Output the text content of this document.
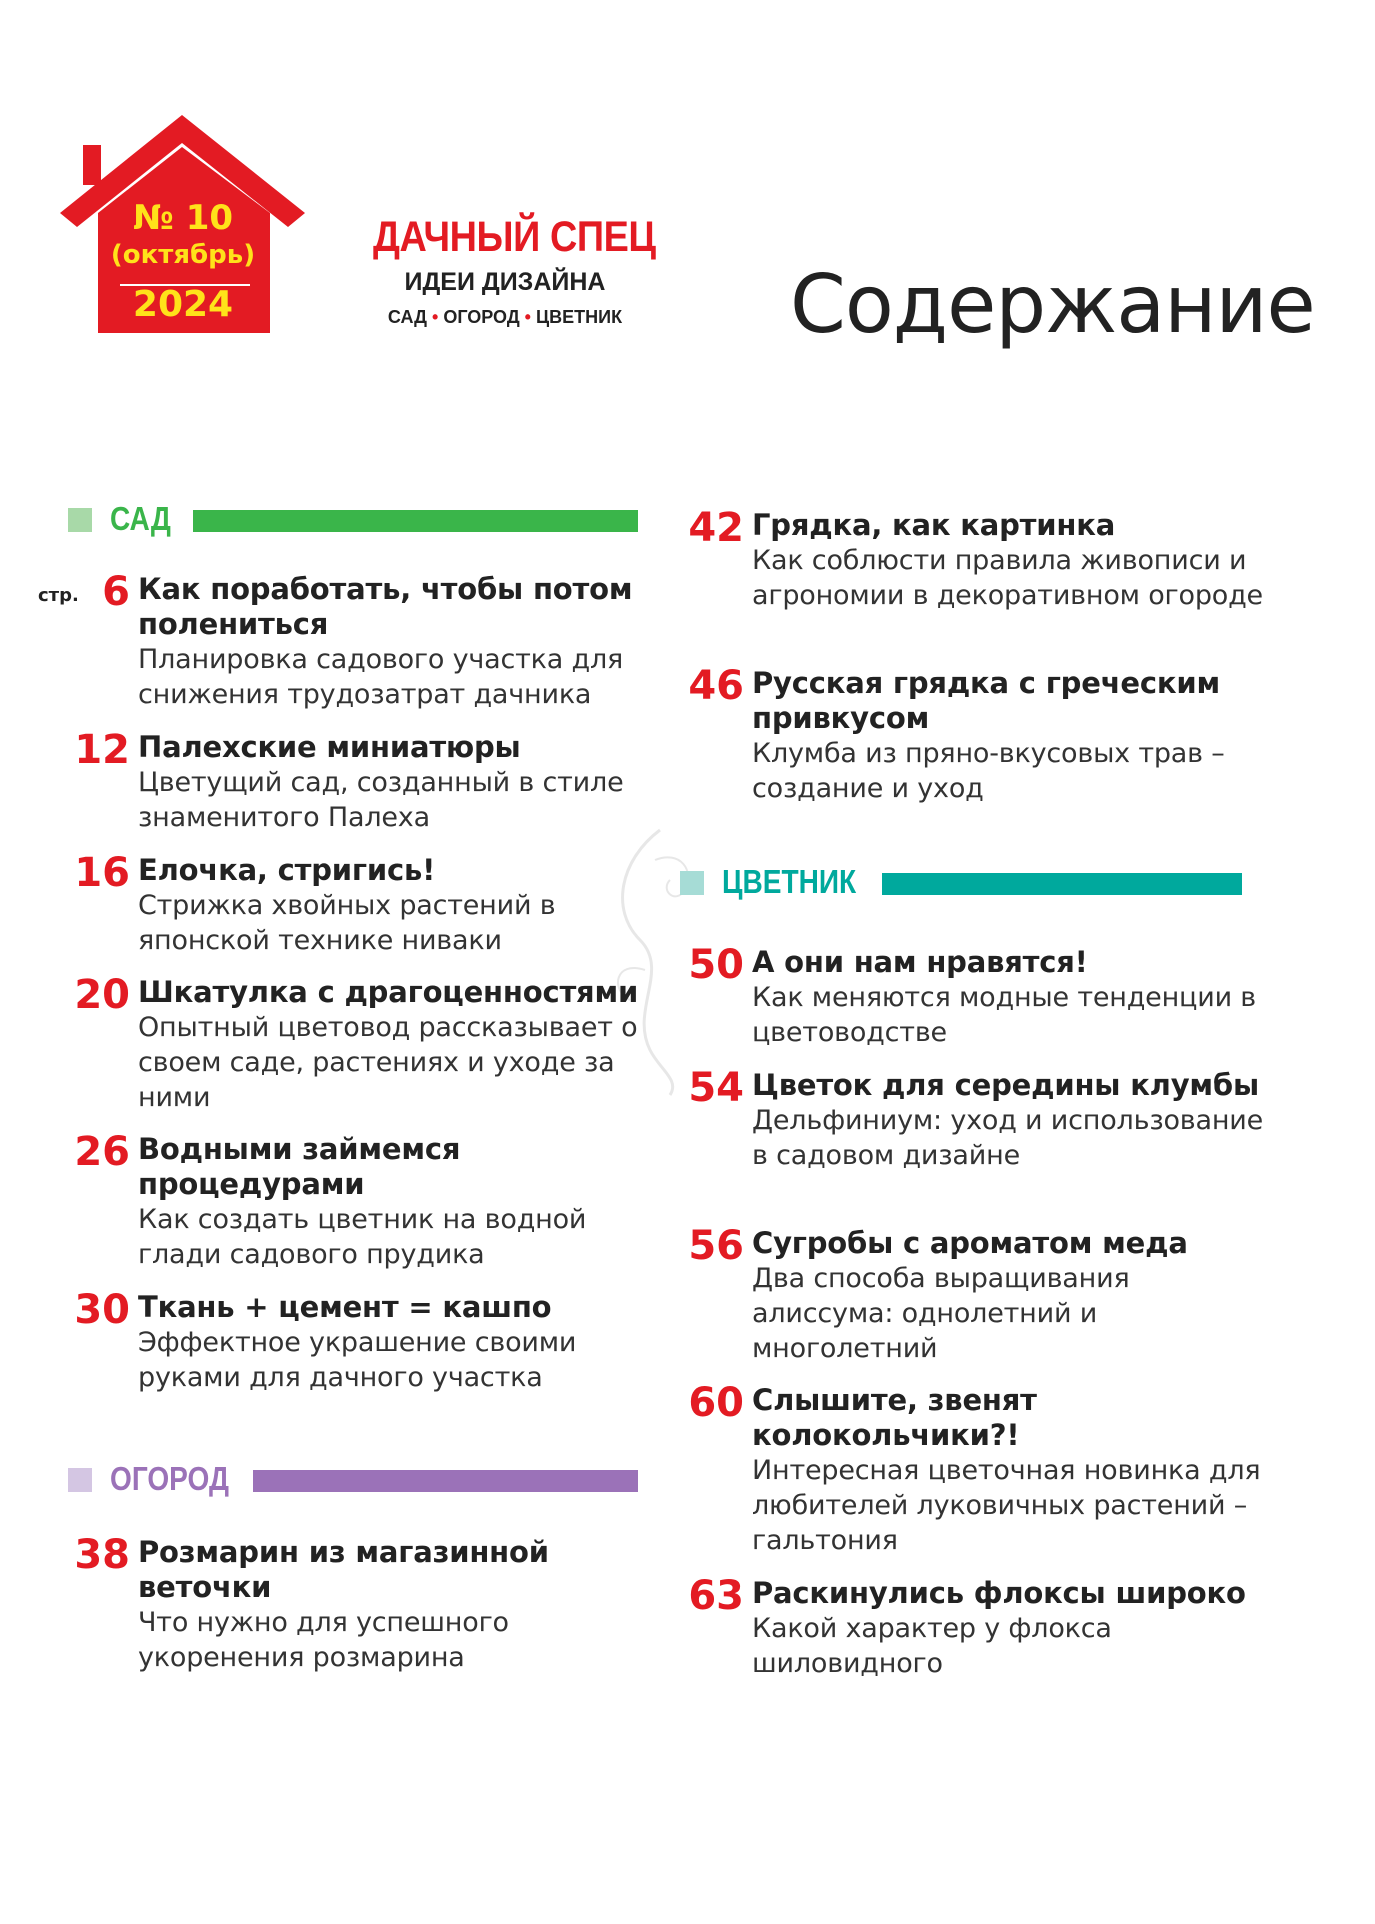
№ 10
(октябрь)
2024
ДАЧНЫЙ СПЕЦ
ИДЕИ ДИЗАЙНА
САД • ОГОРОД • ЦВЕТНИК	Содержание
САД
ОГОРОД
ЦВЕТНИК
стр. 6 Как поработать, чтобы потом полениться
Планировка садового участка для снижения трудозатрат дачника
12 Палехские миниатюры
Цветущий сад, созданный в стиле знаменитого Палеха
16 Елочка, стригись!
Стрижка хвойных растений в японской технике ниваки
20 Шкатулка с драгоценностями
Опытный цветовод рассказывает о своем саде, растениях и уходе за ними
26 Водными займемся процедурами
Как создать цветник на водной глади садового прудика
30 Ткань + цемент = кашпо
Эффектное украшение своими руками для дачного участка
38 Розмарин из магазинной веточки
Что нужно для успешного укоренения розмарина
42 Грядка, как картинка
Как соблюсти правила живописи и агрономии в декоративном огороде
46 Русская грядка с греческим привкусом
Клумба из пряно-вкусовых трав – создание и уход
50 А они нам нравятся!
Как меняются модные тенденции в цветоводстве
54 Цветок для середины клумбы
Дельфиниум: уход и использование в садовом дизайне
56 Сугробы с ароматом меда
Два способа выращивания алиссума: однолетний и многолетний
60 Слышите, звенят колокольчики?!
Интересная цветочная новинка для любителей луковичных растений – гальтония
63 Раскинулись флоксы широко
Какой характер у флокса шиловидного
